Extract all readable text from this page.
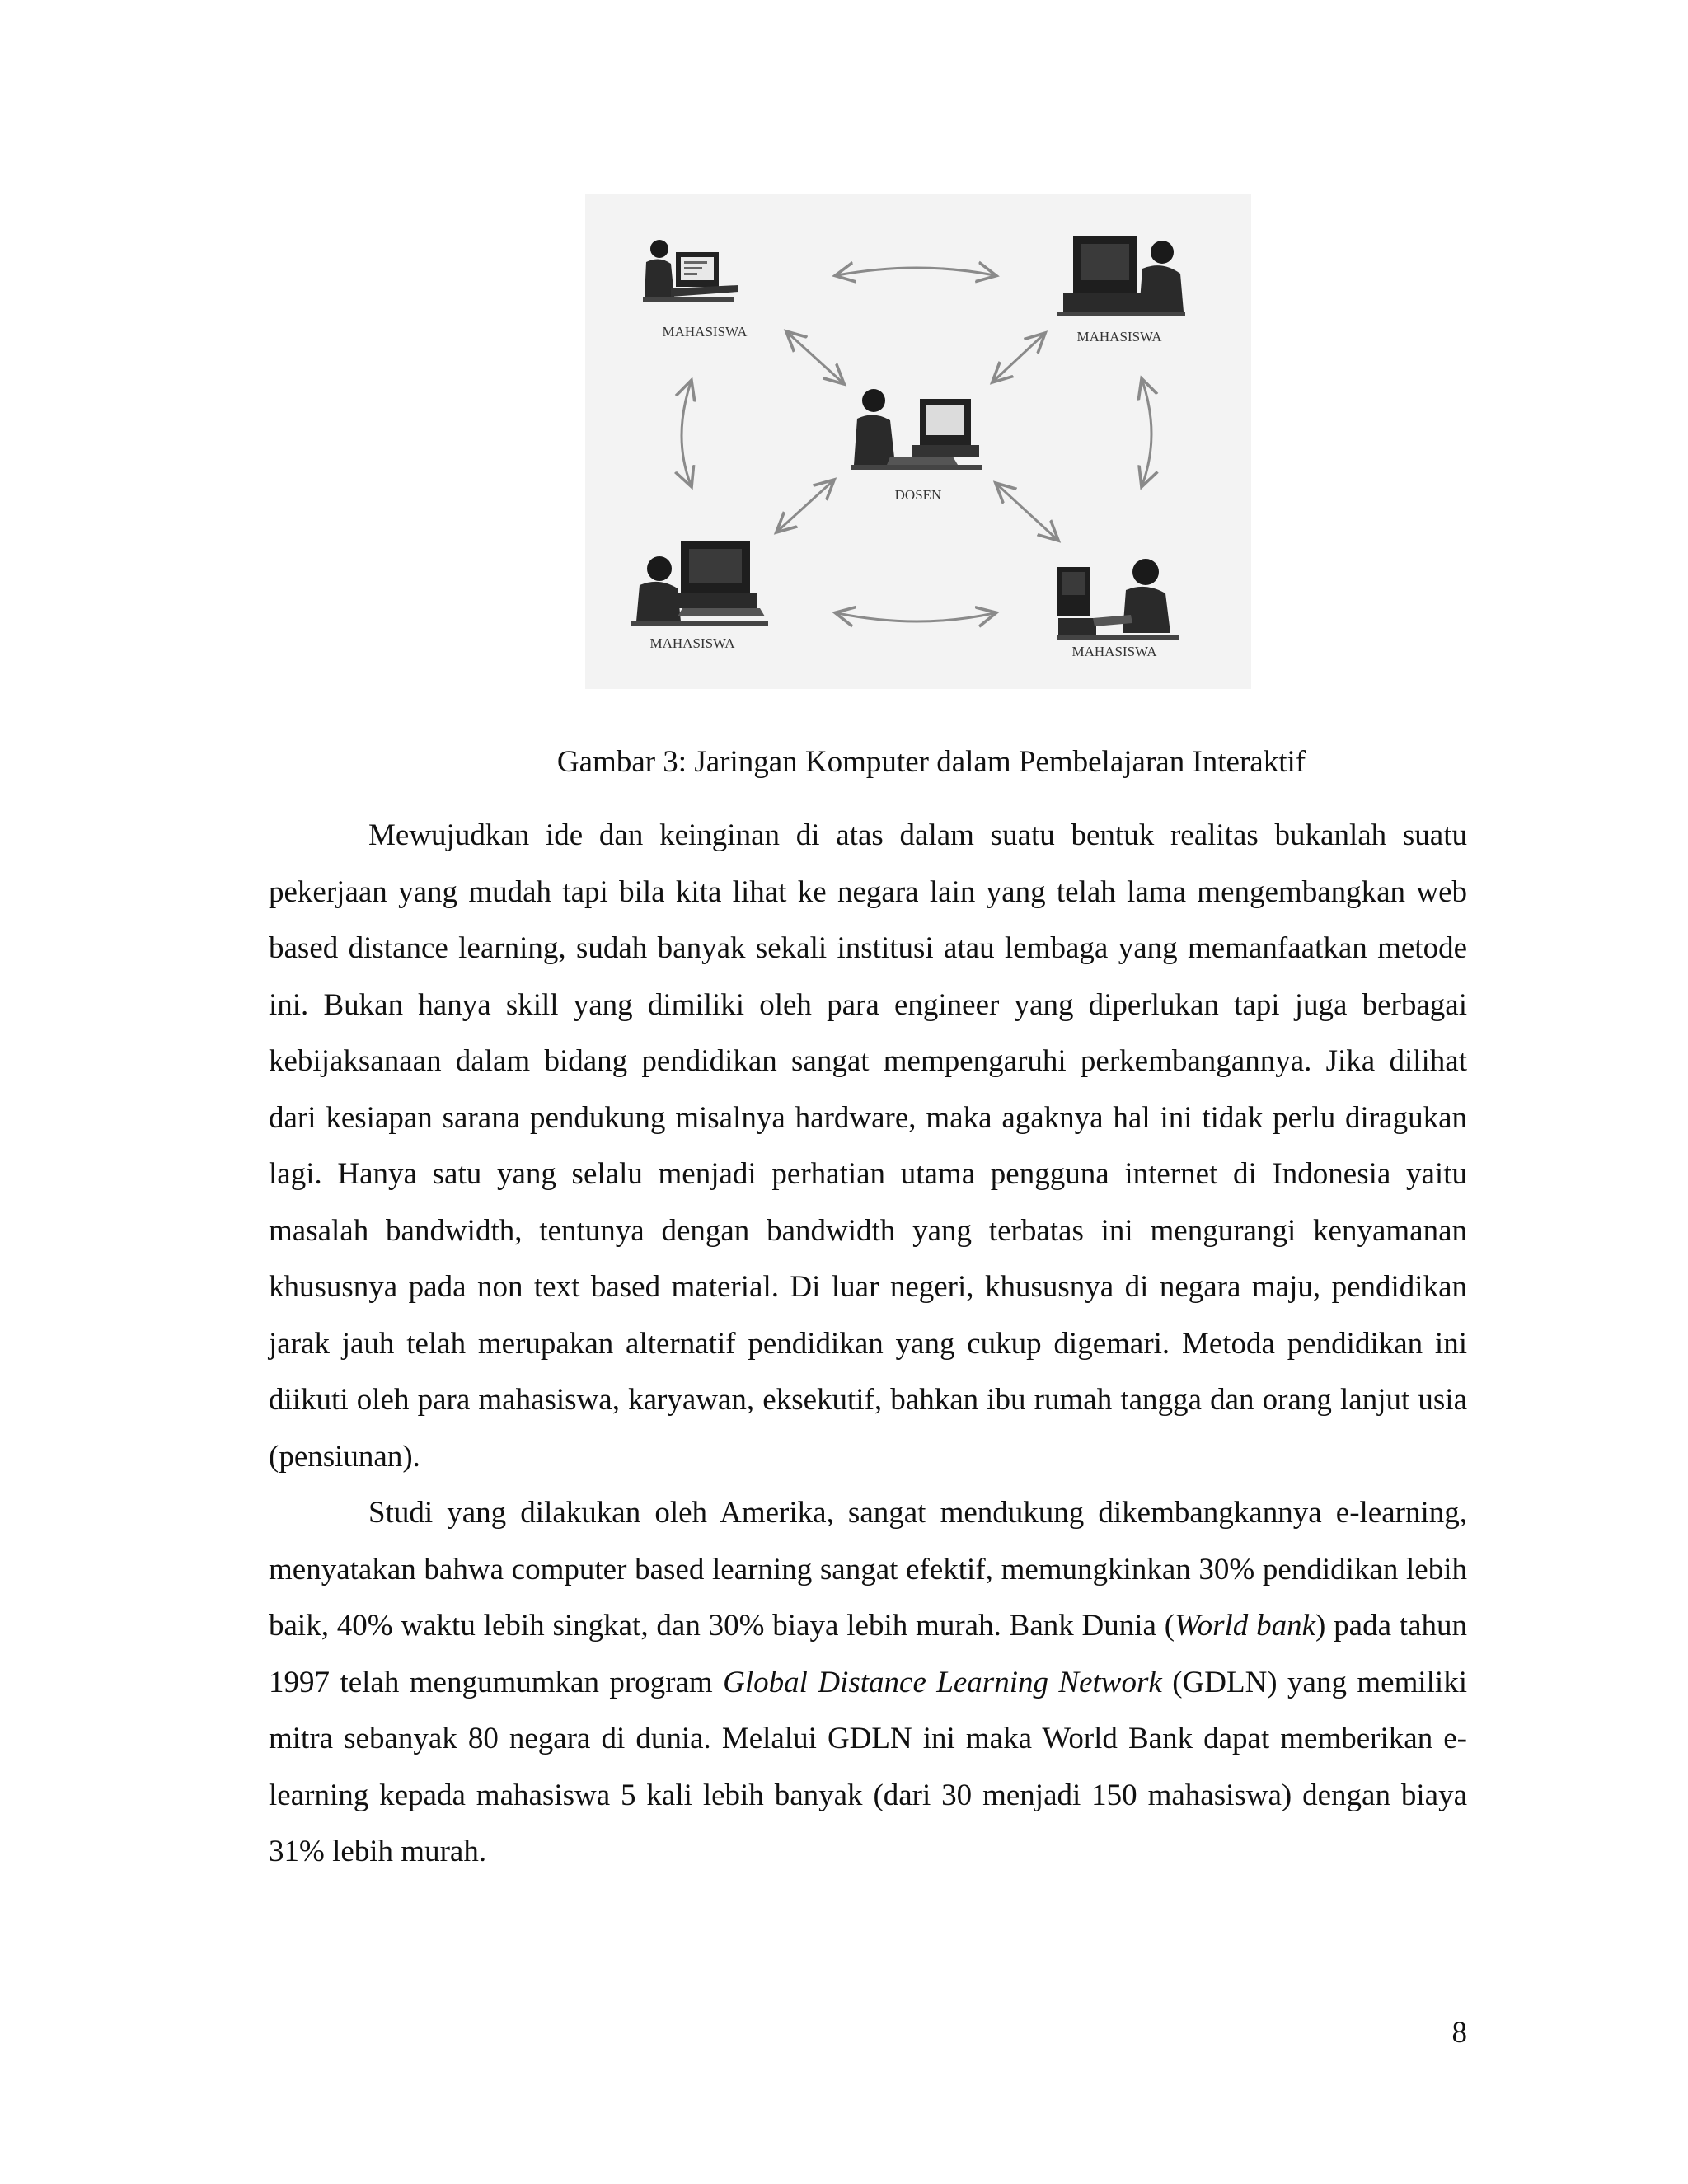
MAHASISWA	MAHASISWA
DOSEN
MAHASISWA
MAHASISWA
Gambar 3: Jaringan Komputer dalam Pembelajaran Interaktif

Mewujudkan ide dan keinginan di atas dalam suatu bentuk realitas bukanlah suatu pekerjaan yang mudah tapi bila kita lihat ke negara lain yang telah lama mengembangkan web based distance learning, sudah banyak sekali institusi atau lembaga yang memanfaatkan metode ini. Bukan hanya skill yang dimiliki oleh para engineer yang diperlukan tapi juga berbagai kebijaksanaan dalam bidang pendidikan sangat mempengaruhi perkembangannya. Jika dilihat dari kesiapan sarana pendukung misalnya hardware, maka agaknya hal ini tidak perlu diragukan lagi. Hanya satu yang selalu menjadi perhatian utama pengguna internet di Indonesia yaitu masalah bandwidth, tentunya dengan bandwidth yang terbatas ini mengurangi kenyamanan khususnya pada non text based material. Di luar negeri, khususnya di negara maju, pendidikan jarak jauh telah merupakan alternatif pendidikan yang cukup digemari. Metoda pendidikan ini diikuti oleh para mahasiswa, karyawan, eksekutif, bahkan ibu rumah tangga dan orang lanjut usia (pensiunan).

Studi yang dilakukan oleh Amerika, sangat mendukung dikembangkannya e-learning, menyatakan bahwa computer based learning sangat efektif, memungkinkan 30% pendidikan lebih baik, 40% waktu lebih singkat, dan 30% biaya lebih murah. Bank Dunia (World bank) pada tahun 1997 telah mengumumkan program Global Distance Learning Network (GDLN) yang memiliki mitra sebanyak 80 negara di dunia. Melalui GDLN ini maka World Bank dapat memberikan e-learning kepada mahasiswa 5 kali lebih banyak (dari 30 menjadi 150 mahasiswa) dengan biaya 31% lebih murah.

8
